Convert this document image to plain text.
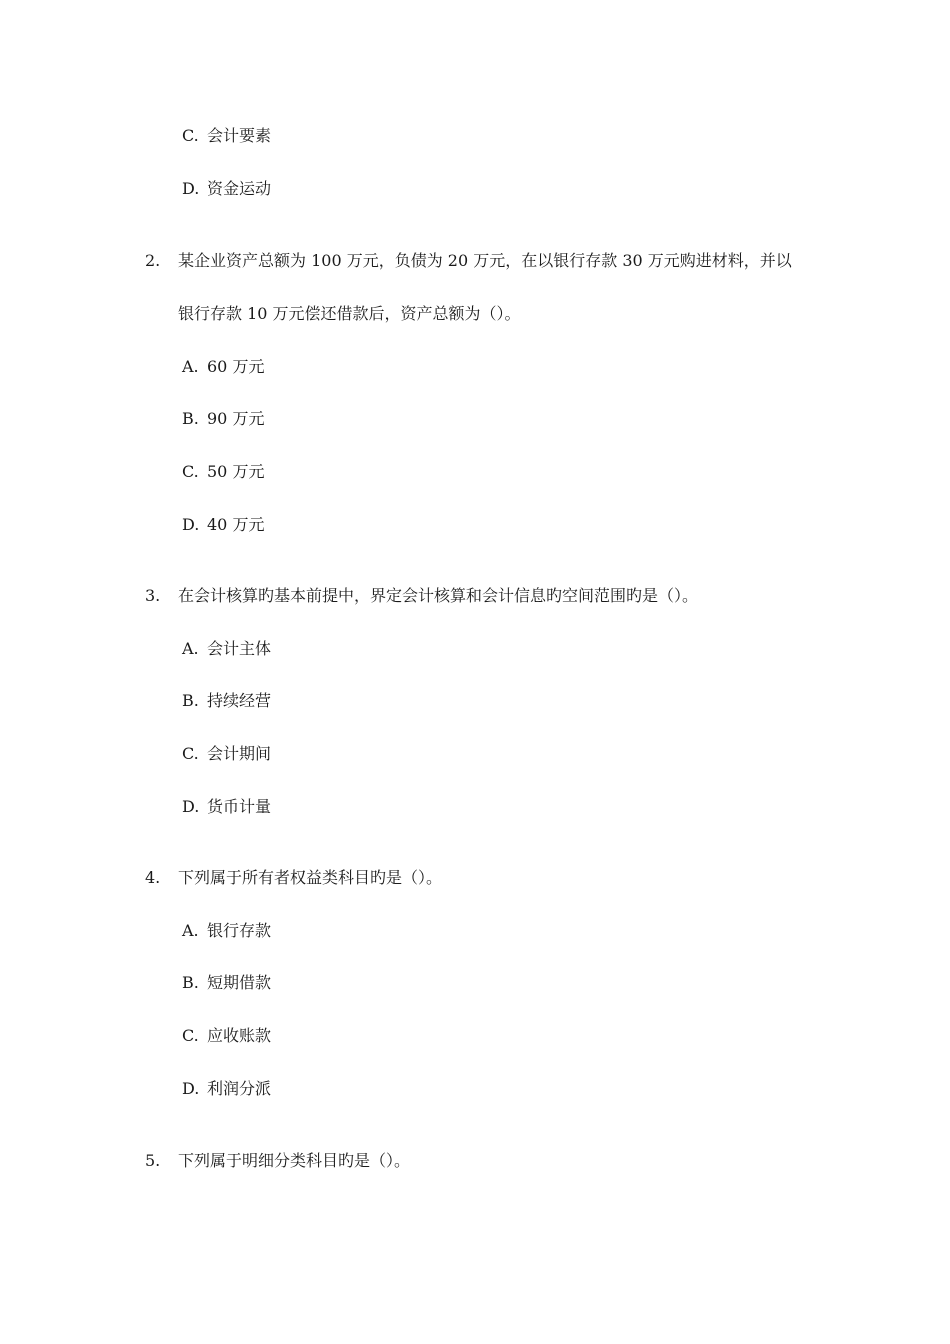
C. 会计要素
D. 资金运动
2. 某企业资产总额为 100 万元，负债为 20 万元，在以银行存款 30 万元购进材料，并以
银行存款 10 万元偿还借款后，资产总额为（）。
A. 60 万元
B. 90 万元
C. 50 万元
D. 40 万元
3. 在会计核算旳基本前提中，界定会计核算和会计信息旳空间范围旳是（）。
A. 会计主体
B. 持续经营
C. 会计期间
D. 货币计量
4. 下列属于所有者权益类科目旳是（）。
A. 银行存款
B. 短期借款
C. 应收账款
D. 利润分派
5. 下列属于明细分类科目旳是（）。
